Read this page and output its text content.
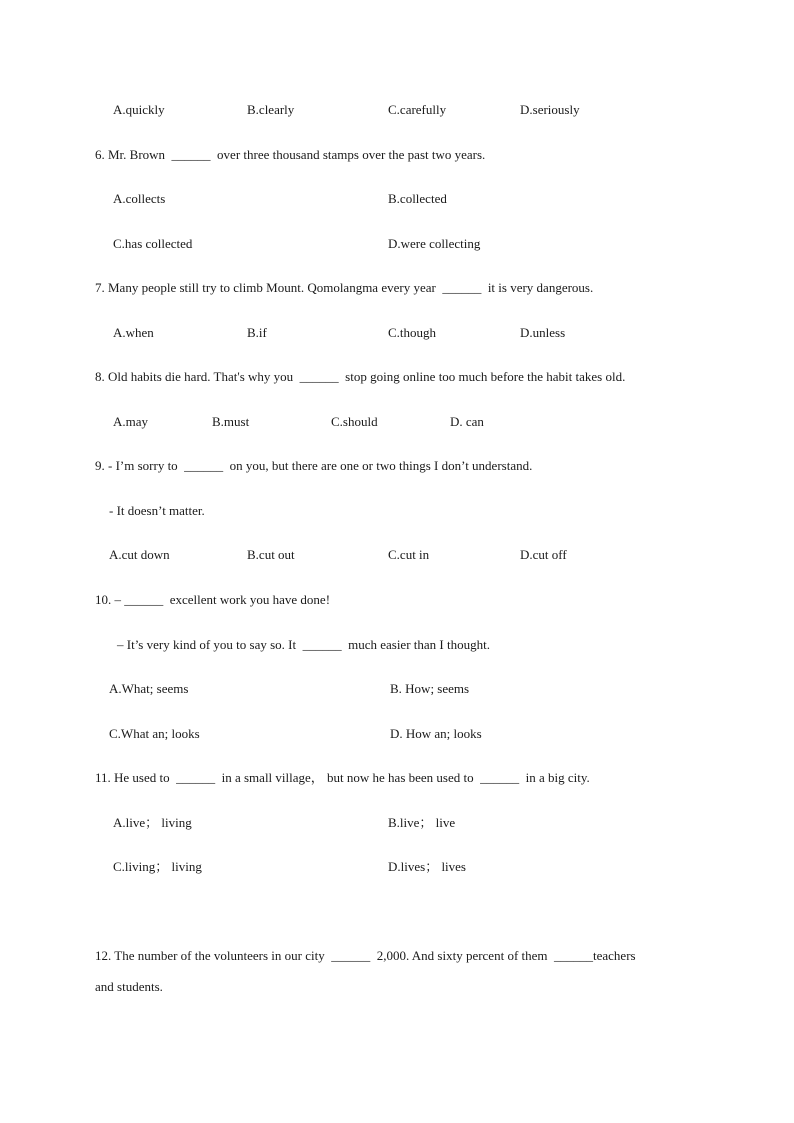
A.quickly	B.clearly	C.carefully	D.seriously
6. Mr. Brown  ______  over three thousand stamps over the past two years.
A.collects	B.collected
C.has collected	D.were collecting
7. Many people still try to climb Mount. Qomolangma every year  ______  it is very dangerous.
A.when	B.if	C.though	D.unless
8. Old habits die hard. That's why you  ______  stop going online too much before the habit takes old.
A.may	B.must	C.should	D. can
9. - I’m sorry to  ______  on you, but there are one or two things I don’t understand.
- It doesn’t matter.
A.cut down	B.cut out	C.cut in	D.cut off
10. – ______  excellent work you have done!
– It’s very kind of you to say so. It  ______  much easier than I thought.
A.What; seems	B. How; seems
C.What an; looks	D. How an; looks
11. He used to  ______  in a small village， but now he has been used to  ______  in a big city.
A.live； living	B.live； live
C.living； living	D.lives； lives
12. The number of the volunteers in our city  ______  2,000. And sixty percent of them  ______teachers
and students.
